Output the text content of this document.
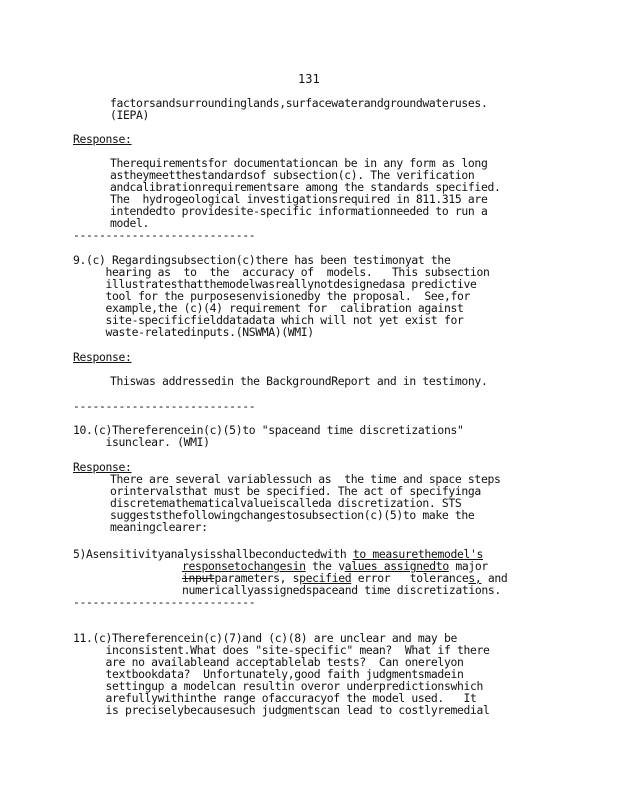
131
factorsandsurroundinglands,surfacewaterandgroundwateruses.
(IEPA)
Response:
Therequirementsfor documentationcan be in any form as long
astheymeetthestandardsof subsection(c). The verification
andcalibrationrequirementsare among the standards specified.
The  hydrogeological investigationsrequired in 811.315 are
intendedto providesite-specific informationneeded to run a
model.
----------------------------
9.(c) Regardingsubsection(c)there has been testimonyat the
hearing as  to  the  accuracy of  models.   This subsection
illustratesthatthemodelwasreallynotdesignedasa predictive
tool for the purposesenvisionedby the proposal.  See,for
example,the (c)(4) requirement for  calibration against
site-specificfielddatadata which will not yet exist for
waste-relatedinputs.(NSWMA)(WMI)
Response:
Thiswas addressedin the BackgroundReport and in testimony.
----------------------------
10.(c)Thereferencein(c)(5)to "spaceand time discretizations"
isunclear. (WMI)
Response:
There are several variablessuch as  the time and space steps
orintervalsthat must be specified. The act of specifyinga
discretemathematicalvalueiscalleda discretization. STS
suggeststhefollowingchangestosubsection(c)(5)to make the
meaningclearer:
5)Asensitivityanalysisshallbeconductedwith to measurethemodel's
responsetochangesin the values assignedto major
inputparameters, specified error   tolerances, and
numericallyassignedspaceand time discretizations.
----------------------------
11.(c)Thereferencein(c)(7)and (c)(8) are unclear and may be
inconsistent.What does "site-specific" mean?  What if there
are no availableand acceptablelab tests?  Can onerelyon
textbookdata?  Unfortunately,good faith judgmentsmadein
settingup a modelcan resultin overor underpredictionswhich
arefullywithinthe range ofaccuracyof the model used.   It
is preciselybecausesuch judgmentscan lead to costlyremedial
